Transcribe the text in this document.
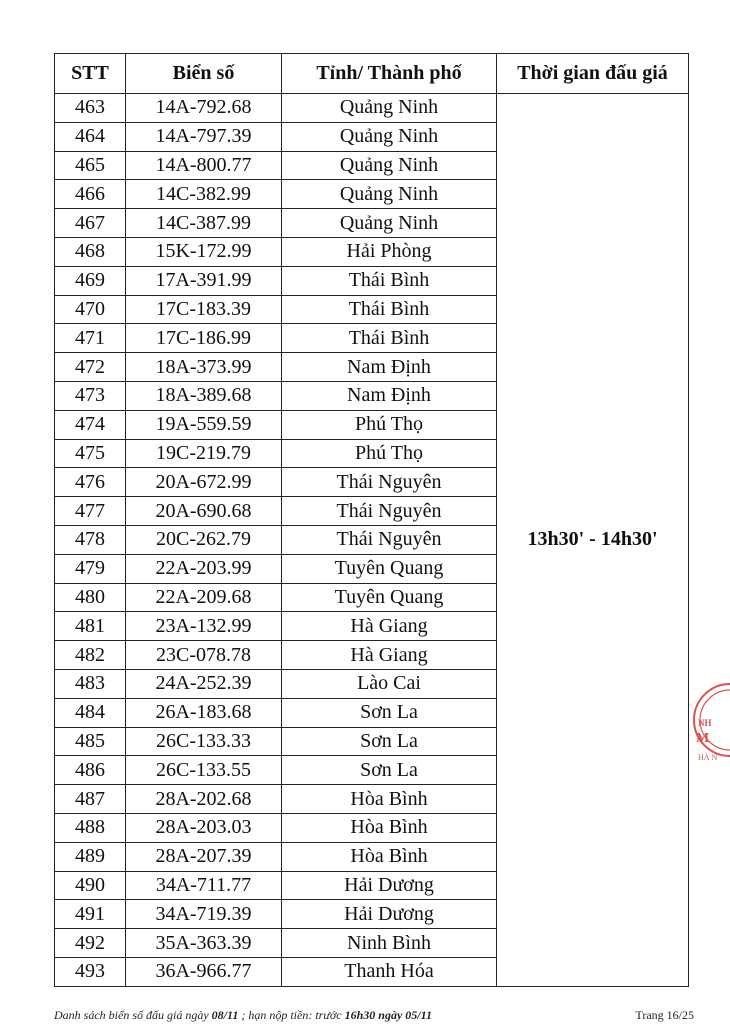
STT	Biển số	Tỉnh/ Thành phố	Thời gian đấu giá
463	14A-792.68	Quảng Ninh	13h30' - 14h30'
464	14A-797.39	Quảng Ninh	
465	14A-800.77	Quảng Ninh	
466	14C-382.99	Quảng Ninh	
467	14C-387.99	Quảng Ninh	
468	15K-172.99	Hải Phòng	
469	17A-391.99	Thái Bình	
470	17C-183.39	Thái Bình	
471	17C-186.99	Thái Bình	
472	18A-373.99	Nam Định	
473	18A-389.68	Nam Định	
474	19A-559.59	Phú Thọ	
475	19C-219.79	Phú Thọ	
476	20A-672.99	Thái Nguyên	
477	20A-690.68	Thái Nguyên	
478	20C-262.79	Thái Nguyên	
479	22A-203.99	Tuyên Quang	
480	22A-209.68	Tuyên Quang	
481	23A-132.99	Hà Giang	
482	23C-078.78	Hà Giang	
483	24A-252.39	Lào Cai	
484	26A-183.68	Sơn La	
485	26C-133.33	Sơn La	
486	26C-133.55	Sơn La	
487	28A-202.68	Hòa Bình	
488	28A-203.03	Hòa Bình	
489	28A-207.39	Hòa Bình	
490	34A-711.77	Hải Dương	
491	34A-719.39	Hải Dương	
492	35A-363.39	Ninh Bình	
493	36A-966.77	Thanh Hóa	
Danh sách biển số đấu giá ngày 08/11 ; hạn nộp tiền: trước 16h30 ngày 05/11	Trang 16/25
NH
M
HÀ N
